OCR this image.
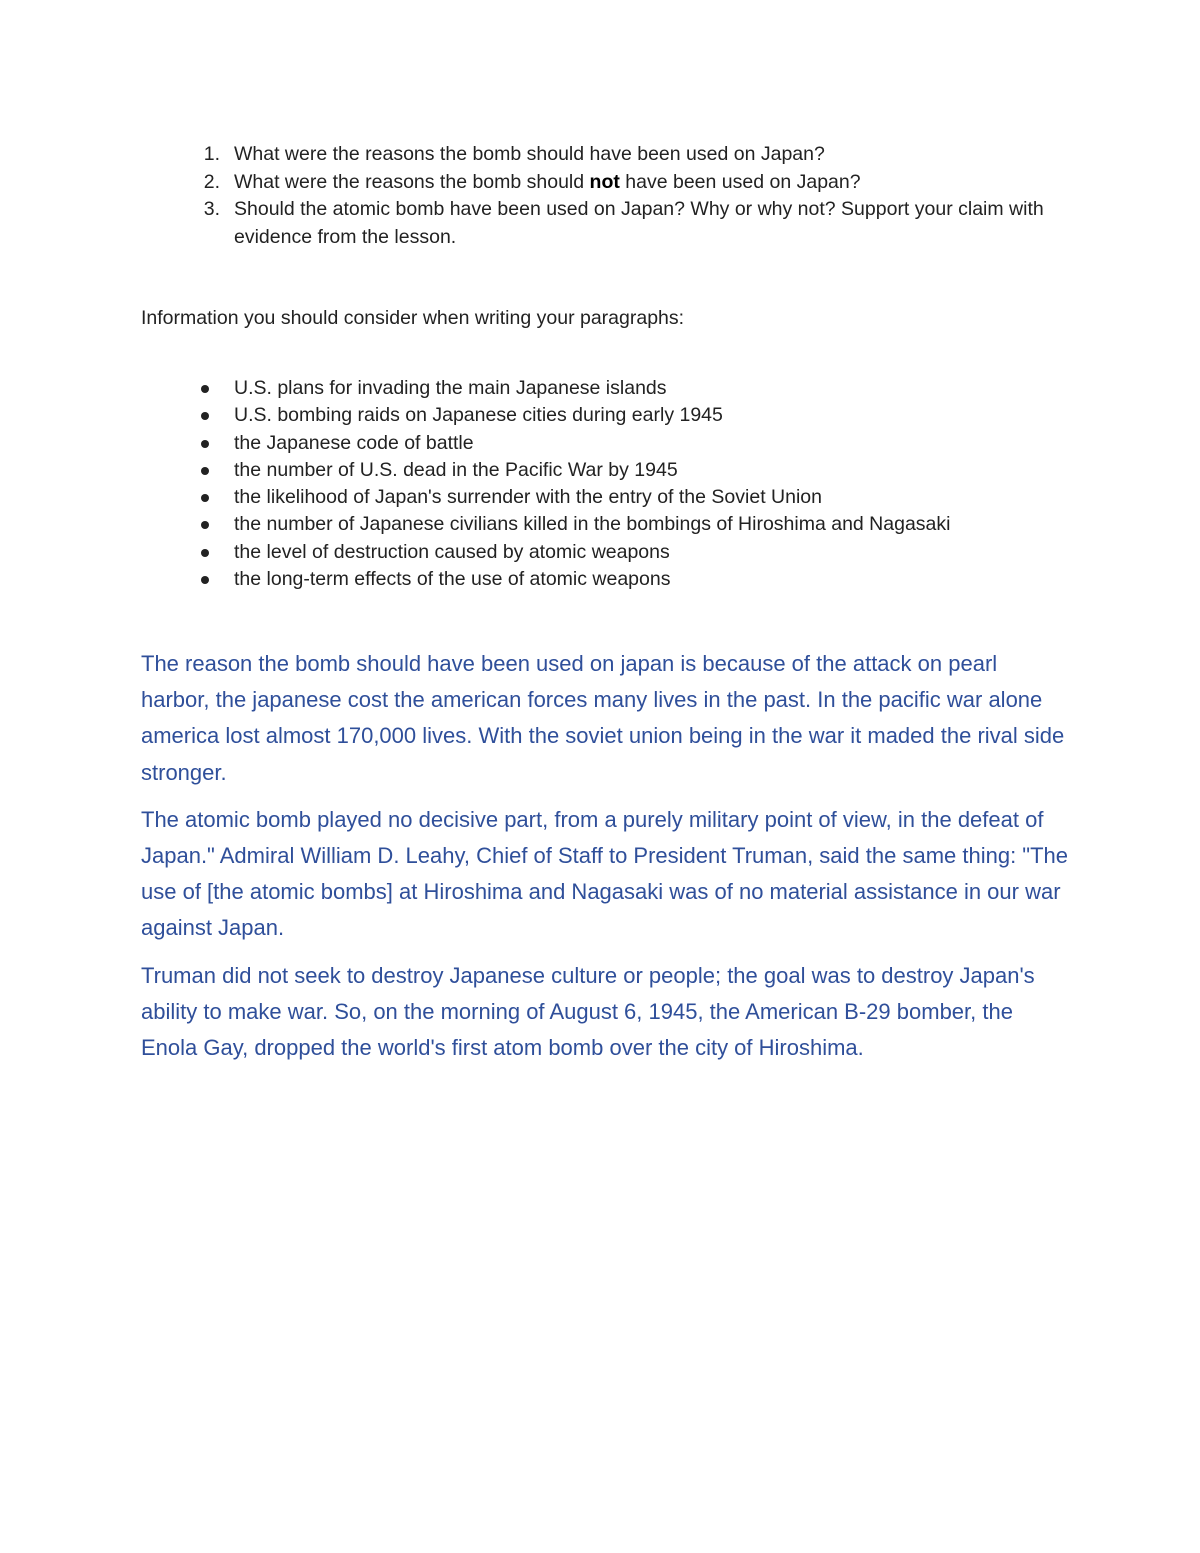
1. What were the reasons the bomb should have been used on Japan?
2. What were the reasons the bomb should not have been used on Japan?
3. Should the atomic bomb have been used on Japan? Why or why not? Support your claim with evidence from the lesson.

Information you should consider when writing your paragraphs:

U.S. plans for invading the main Japanese islands
U.S. bombing raids on Japanese cities during early 1945
the Japanese code of battle
the number of U.S. dead in the Pacific War by 1945
the likelihood of Japan's surrender with the entry of the Soviet Union
the number of Japanese civilians killed in the bombings of Hiroshima and Nagasaki
the level of destruction caused by atomic weapons
the long-term effects of the use of atomic weapons

The reason the bomb should have been used on japan is because of the attack on pearl harbor, the japanese cost the american forces many lives in the past. In the pacific war alone america lost almost 170,000 lives. With the soviet union being in the war it maded the rival side stronger.

The atomic bomb played no decisive part, from a purely military point of view, in the defeat of Japan." Admiral William D. Leahy, Chief of Staff to President Truman, said the same thing: "The use of [the atomic bombs] at Hiroshima and Nagasaki was of no material assistance in our war against Japan.

Truman did not seek to destroy Japanese culture or people; the goal was to destroy Japan's ability to make war. So, on the morning of August 6, 1945, the American B-29 bomber, the Enola Gay, dropped the world's first atom bomb over the city of Hiroshima.
